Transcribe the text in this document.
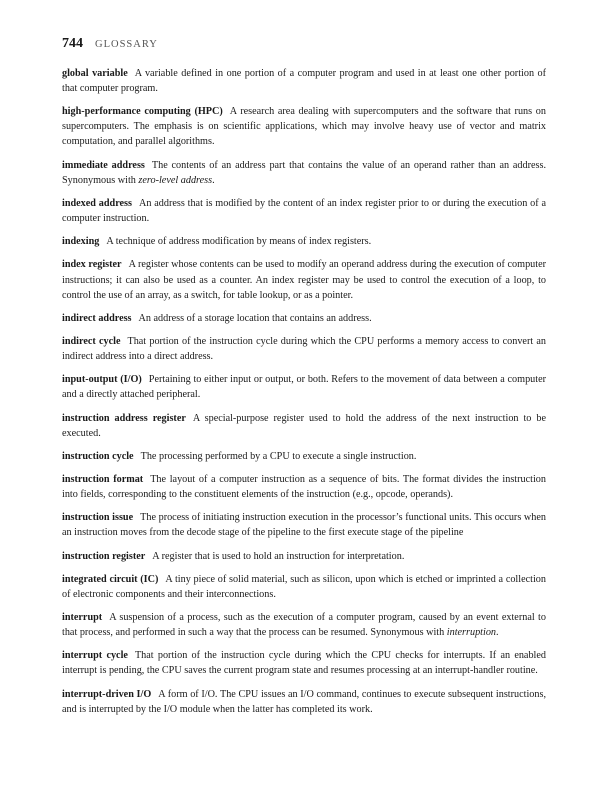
744 GLOSSARY

global variable A variable defined in one portion of a computer program and used in at least one other portion of that computer program.

high-performance computing (HPC) A research area dealing with supercomputers and the software that runs on supercomputers. The emphasis is on scientific applications, which may involve heavy use of vector and matrix computation, and parallel algorithms.

immediate address The contents of an address part that contains the value of an operand rather than an address. Synonymous with zero-level address.

indexed address An address that is modified by the content of an index register prior to or during the execution of a computer instruction.

indexing A technique of address modification by means of index registers.

index register A register whose contents can be used to modify an operand address during the execution of computer instructions; it can also be used as a counter. An index register may be used to control the execution of a loop, to control the use of an array, as a switch, for table lookup, or as a pointer.

indirect address An address of a storage location that contains an address.

indirect cycle That portion of the instruction cycle during which the CPU performs a memory access to convert an indirect address into a direct address.

input-output (I/O) Pertaining to either input or output, or both. Refers to the movement of data between a computer and a directly attached peripheral.

instruction address register A special-purpose register used to hold the address of the next instruction to be executed.

instruction cycle The processing performed by a CPU to execute a single instruction.

instruction format The layout of a computer instruction as a sequence of bits. The format divides the instruction into fields, corresponding to the constituent elements of the instruction (e.g., opcode, operands).

instruction issue The process of initiating instruction execution in the processor’s functional units. This occurs when an instruction moves from the decode stage of the pipeline to the first execute stage of the pipeline

instruction register A register that is used to hold an instruction for interpretation.

integrated circuit (IC) A tiny piece of solid material, such as silicon, upon which is etched or imprinted a collection of electronic components and their interconnections.

interrupt A suspension of a process, such as the execution of a computer program, caused by an event external to that process, and performed in such a way that the process can be resumed. Synonymous with interruption.

interrupt cycle That portion of the instruction cycle during which the CPU checks for interrupts. If an enabled interrupt is pending, the CPU saves the current program state and resumes processing at an interrupt-handler routine.

interrupt-driven I/O A form of I/O. The CPU issues an I/O command, continues to execute subsequent instructions, and is interrupted by the I/O module when the latter has completed its work.
